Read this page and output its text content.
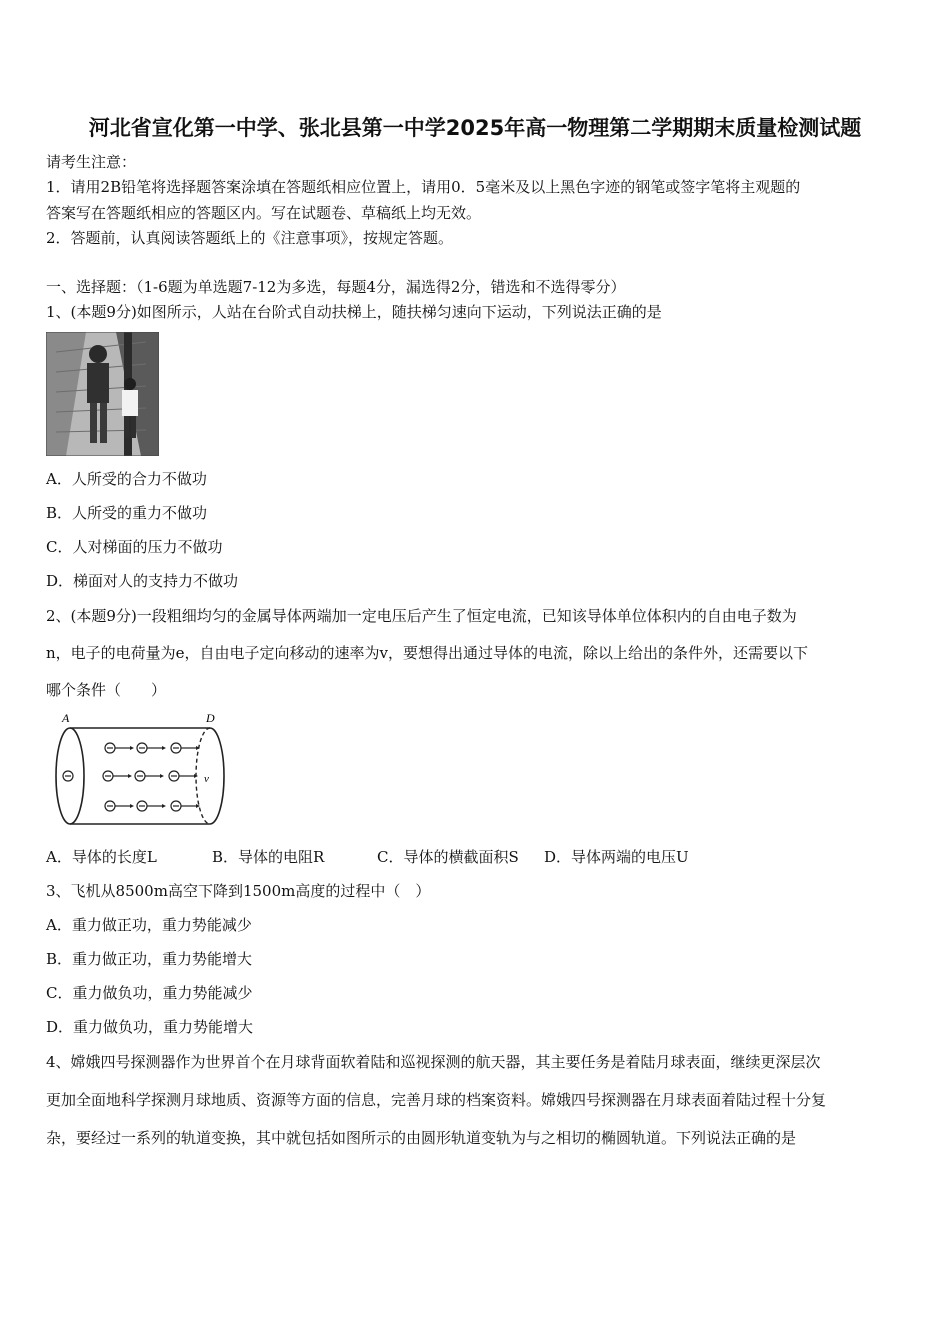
河北省宣化第一中学、张北县第一中学2025年高一物理第二学期期末质量检测试题
请考生注意：
1．请用2B铅笔将选择题答案涂填在答题纸相应位置上，请用0．5毫米及以上黑色字迹的钢笔或签字笔将主观题的
答案写在答题纸相应的答题区内。写在试题卷、草稿纸上均无效。
2．答题前，认真阅读答题纸上的《注意事项》，按规定答题。
一、选择题：（1-6题为单选题7-12为多选，每题4分，漏选得2分，错选和不选得零分）
1、(本题9分)如图所示，人站在台阶式自动扶梯上，随扶梯匀速向下运动，下列说法正确的是
A．人所受的合力不做功
B．人所受的重力不做功
C．人对梯面的压力不做功
D．梯面对人的支持力不做功
2、(本题9分)一段粗细均匀的金属导体两端加一定电压后产生了恒定电流，已知该导体单位体积内的自由电子数为
n，电子的电荷量为e，自由电子定向移动的速率为v，要想得出通过导体的电流，除以上给出的条件外，还需要以下
哪个条件（　　）
A	D
v
A．导体的长度L	B．导体的电阻R	C．导体的横截面积S D．导体两端的电压U
3、飞机从8500m高空下降到1500m高度的过程中（　）
A．重力做正功，重力势能减少
B．重力做正功，重力势能增大
C．重力做负功，重力势能减少
D．重力做负功，重力势能增大
4、嫦娥四号探测器作为世界首个在月球背面软着陆和巡视探测的航天器，其主要任务是着陆月球表面，继续更深层次
更加全面地科学探测月球地质、资源等方面的信息，完善月球的档案资料。嫦娥四号探测器在月球表面着陆过程十分复
杂，要经过一系列的轨道变换，其中就包括如图所示的由圆形轨道变轨为与之相切的椭圆轨道。下列说法正确的是
